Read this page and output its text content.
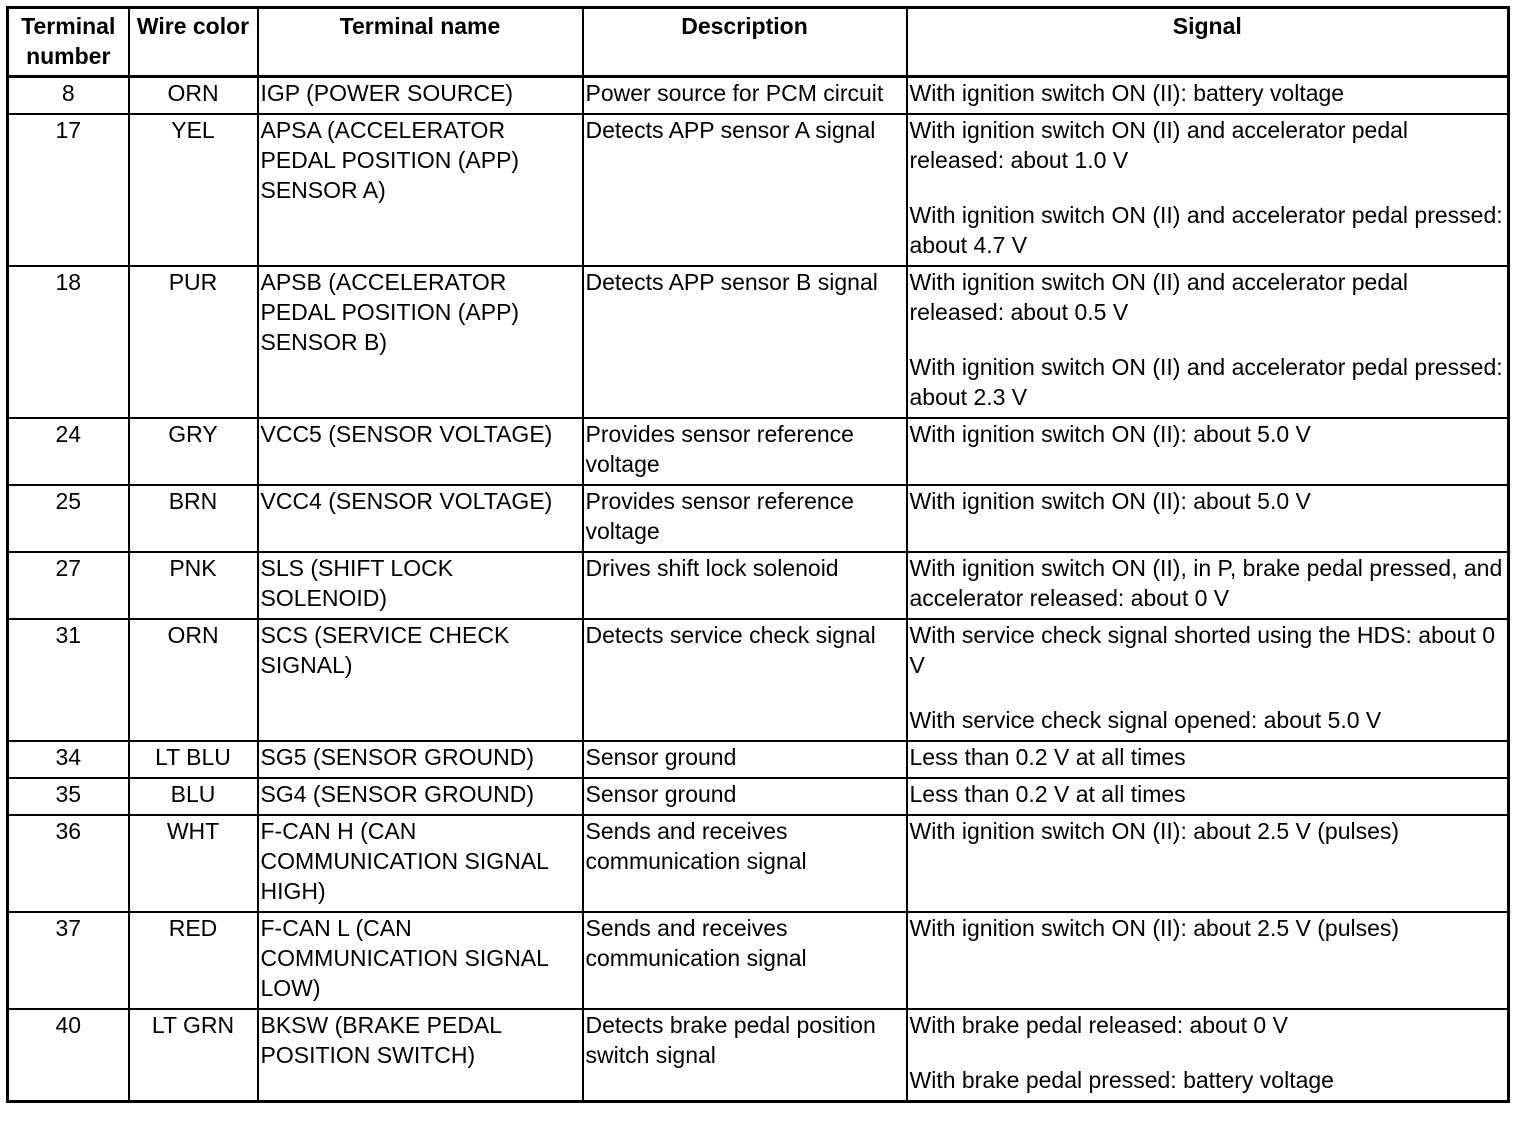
Terminal
number	Wire color	Terminal name	Description	Signal
8	ORN	IGP (POWER SOURCE)	Power source for PCM circuit	With ignition switch ON (II): battery voltage

17	YEL	APSA (ACCELERATOR PEDAL POSITION (APP) SENSOR A)	Detects APP sensor A signal	With ignition switch ON (II) and accelerator pedal released: about 1.0 V
With ignition switch ON (II) and accelerator pedal pressed: about 4.7 V

18	PUR	APSB (ACCELERATOR PEDAL POSITION (APP) SENSOR B)	Detects APP sensor B signal	With ignition switch ON (II) and accelerator pedal released: about 0.5 V
With ignition switch ON (II) and accelerator pedal pressed: about 2.3 V

24	GRY	VCC5 (SENSOR VOLTAGE)	Provides sensor reference voltage	With ignition switch ON (II): about 5.0 V

25	BRN	VCC4 (SENSOR VOLTAGE)	Provides sensor reference voltage	With ignition switch ON (II): about 5.0 V

27	PNK	SLS (SHIFT LOCK SOLENOID)	Drives shift lock solenoid	With ignition switch ON (II), in P, brake pedal pressed, and accelerator released: about 0 V

31	ORN	SCS (SERVICE CHECK SIGNAL)	Detects service check signal	With service check signal shorted using the HDS: about 0 V
With service check signal opened: about 5.0 V

34	LT BLU	SG5 (SENSOR GROUND)	Sensor ground	Less than 0.2 V at all times

35	BLU	SG4 (SENSOR GROUND)	Sensor ground	Less than 0.2 V at all times

36	WHT	F-CAN H (CAN COMMUNICATION SIGNAL HIGH)	Sends and receives communication signal	With ignition switch ON (II): about 2.5 V (pulses)

37	RED	F-CAN L (CAN COMMUNICATION SIGNAL LOW)	Sends and receives communication signal	With ignition switch ON (II): about 2.5 V (pulses)

40	LT GRN	BKSW (BRAKE PEDAL POSITION SWITCH)	Detects brake pedal position switch signal	With brake pedal released: about 0 V
With brake pedal pressed: battery voltage
